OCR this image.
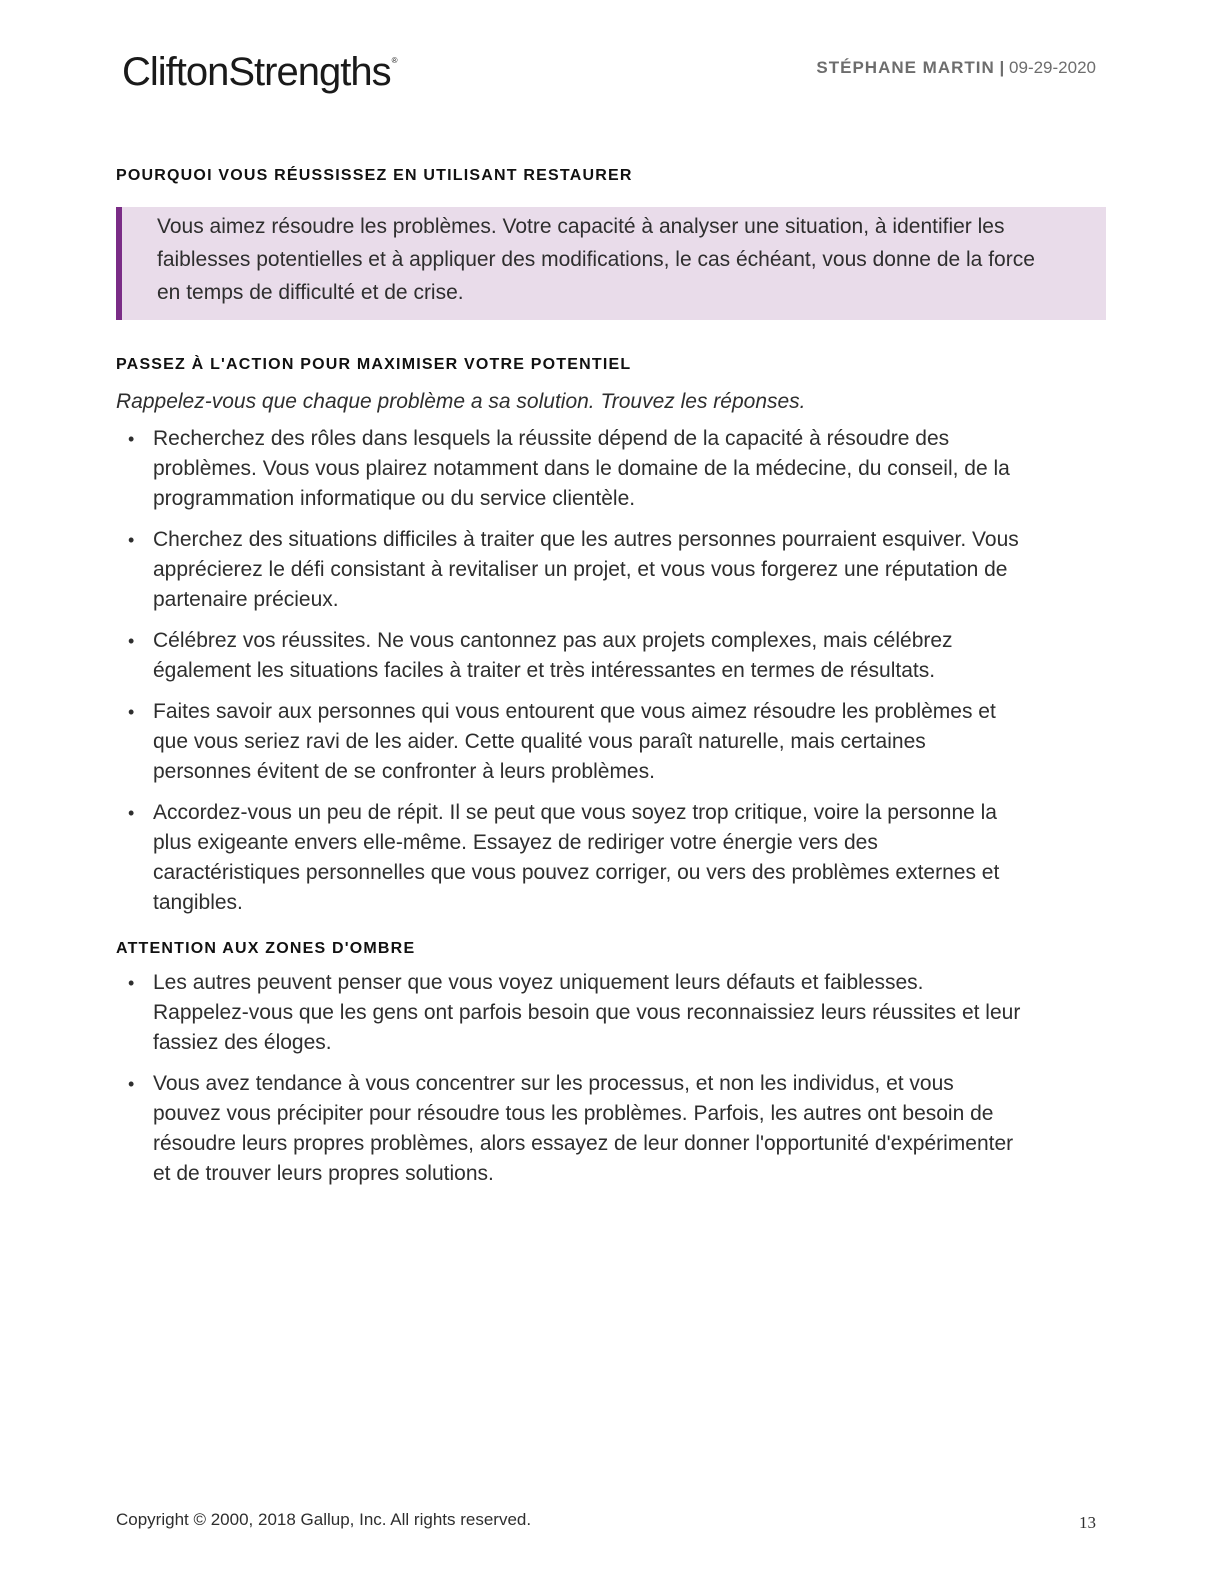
CliftonStrengths®	STÉPHANE MARTIN | 09-29-2020
POURQUOI VOUS RÉUSSISSEZ EN UTILISANT RESTAURER
Vous aimez résoudre les problèmes. Votre capacité à analyser une situation, à identifier les faiblesses potentielles et à appliquer des modifications, le cas échéant, vous donne de la force en temps de difficulté et de crise.
PASSEZ À L'ACTION POUR MAXIMISER VOTRE POTENTIEL
Rappelez-vous que chaque problème a sa solution. Trouvez les réponses.
• Recherchez des rôles dans lesquels la réussite dépend de la capacité à résoudre des problèmes. Vous vous plairez notamment dans le domaine de la médecine, du conseil, de la programmation informatique ou du service clientèle.
• Cherchez des situations difficiles à traiter que les autres personnes pourraient esquiver. Vous apprécierez le défi consistant à revitaliser un projet, et vous vous forgerez une réputation de partenaire précieux.
• Célébrez vos réussites. Ne vous cantonnez pas aux projets complexes, mais célébrez également les situations faciles à traiter et très intéressantes en termes de résultats.
• Faites savoir aux personnes qui vous entourent que vous aimez résoudre les problèmes et que vous seriez ravi de les aider. Cette qualité vous paraît naturelle, mais certaines personnes évitent de se confronter à leurs problèmes.
• Accordez-vous un peu de répit. Il se peut que vous soyez trop critique, voire la personne la plus exigeante envers elle-même. Essayez de rediriger votre énergie vers des caractéristiques personnelles que vous pouvez corriger, ou vers des problèmes externes et tangibles.
ATTENTION AUX ZONES D'OMBRE
• Les autres peuvent penser que vous voyez uniquement leurs défauts et faiblesses. Rappelez-vous que les gens ont parfois besoin que vous reconnaissiez leurs réussites et leur fassiez des éloges.
• Vous avez tendance à vous concentrer sur les processus, et non les individus, et vous pouvez vous précipiter pour résoudre tous les problèmes. Parfois, les autres ont besoin de résoudre leurs propres problèmes, alors essayez de leur donner l'opportunité d'expérimenter et de trouver leurs propres solutions.
Copyright © 2000, 2018 Gallup, Inc. All rights reserved.	13
